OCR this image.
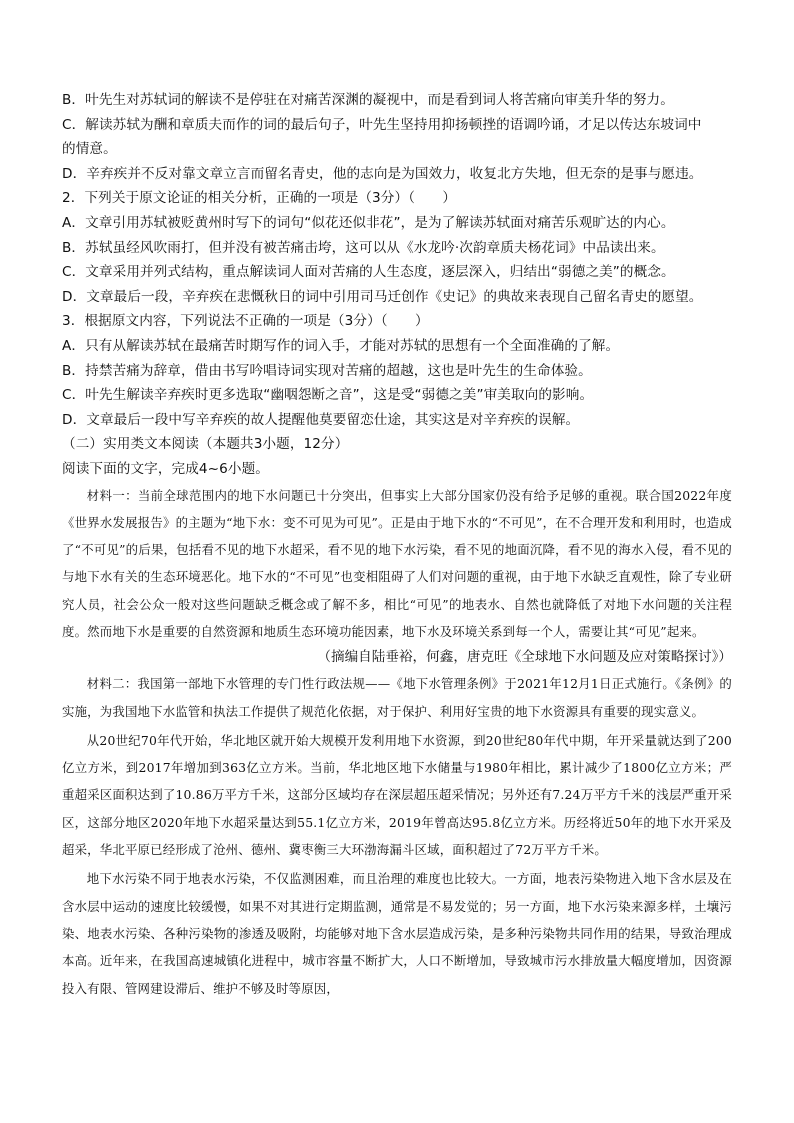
B．叶先生对苏轼词的解读不是停驻在对痛苦深渊的凝视中，而是看到词人将苦痛向审美升华的努力。

C．解读苏轼为酬和章质夫而作的词的最后句子，叶先生坚持用抑扬顿挫的语调吟诵，才足以传达东坡词中

的情意。

D．辛弃疾并不反对靠文章立言而留名青史，他的志向是为国效力，收复北方失地，但无奈的是事与愿违。

2．下列关于原文论证的相关分析，正确的一项是（3分）（　　）

A．文章引用苏轼被贬黄州时写下的词句“似花还似非花”，是为了解读苏轼面对痛苦乐观旷达的内心。

B．苏轼虽经风吹雨打，但并没有被苦痛击垮，这可以从《水龙吟·次韵章质夫杨花词》中品读出来。

C．文章采用并列式结构，重点解读词人面对苦痛的人生态度，逐层深入，归结出“弱德之美”的概念。

D．文章最后一段，辛弃疾在悲慨秋日的词中引用司马迁创作《史记》的典故来表现自己留名青史的愿望。

3．根据原文内容，下列说法不正确的一项是（3分）（　　）

A．只有从解读苏轼在最痛苦时期写作的词入手，才能对苏轼的思想有一个全面准确的了解。

B．持禁苦痛为辞章，借由书写吟唱诗词实现对苦痛的超越，这也是叶先生的生命体验。

C．叶先生解读辛弃疾时更多选取“幽咽怨断之音”，这是受“弱德之美”审美取向的影响。

D．文章最后一段中写辛弃疾的故人提醒他莫要留恋仕途，其实这是对辛弃疾的误解。

（二）实用类文本阅读（本题共3小题，12分）

阅读下面的文字，完成4~6小题。

材料一：当前全球范围内的地下水问题已十分突出，但事实上大部分国家仍没有给予足够的重视。联合国2022年度《世界水发展报告》的主题为“地下水：变不可见为可见”。正是由于地下水的“不可见”，在不合理开发和利用时，也造成了“不可见”的后果，包括看不见的地下水超采，看不见的地下水污染，看不见的地面沉降，看不见的海水入侵，看不见的与地下水有关的生态环境恶化。地下水的“不可见”也变相阻碍了人们对问题的重视，由于地下水缺乏直观性，除了专业研究人员，社会公众一般对这些问题缺乏概念或了解不多，相比“可见”的地表水、自然也就降低了对地下水问题的关注程度。然而地下水是重要的自然资源和地质生态环境功能因素，地下水及环境关系到每一个人，需要让其“可见”起来。

（摘编自陆垂裕，何鑫，唐克旺《全球地下水问题及应对策略探讨》）

材料二：我国第一部地下水管理的专门性行政法规——《地下水管理条例》于2021年12月1日正式施行。《条例》的实施，为我国地下水监管和执法工作提供了规范化依据，对于保护、利用好宝贵的地下水资源具有重要的现实意义。

从20世纪70年代开始，华北地区就开始大规模开发利用地下水资源，到20世纪80年代中期，年开采量就达到了200亿立方米，到2017年增加到363亿立方米。当前，华北地区地下水储量与1980年相比，累计减少了1800亿立方米；严重超采区面积达到了10.86万平方千米，这部分区域均存在深层超压超采情况；另外还有7.24万平方千米的浅层严重开采区，这部分地区2020年地下水超采量达到55.1亿立方米，2019年曾高达95.8亿立方米。历经将近50年的地下水开采及超采，华北平原已经形成了沧州、德州、冀枣衡三大环渤海漏斗区域，面积超过了72万平方千米。

地下水污染不同于地表水污染，不仅监测困难，而且治理的难度也比较大。一方面，地表污染物进入地下含水层及在含水层中运动的速度比较缓慢，如果不对其进行定期监测，通常是不易发觉的；另一方面，地下水污染来源多样，土壤污染、地表水污染、各种污染物的渗透及吸附，均能够对地下含水层造成污染，是多种污染物共同作用的结果，导致治理成本高。近年来，在我国高速城镇化进程中，城市容量不断扩大，人口不断增加，导致城市污水排放量大幅度增加，因资源投入有限、管网建设滞后、维护不够及时等原因，
